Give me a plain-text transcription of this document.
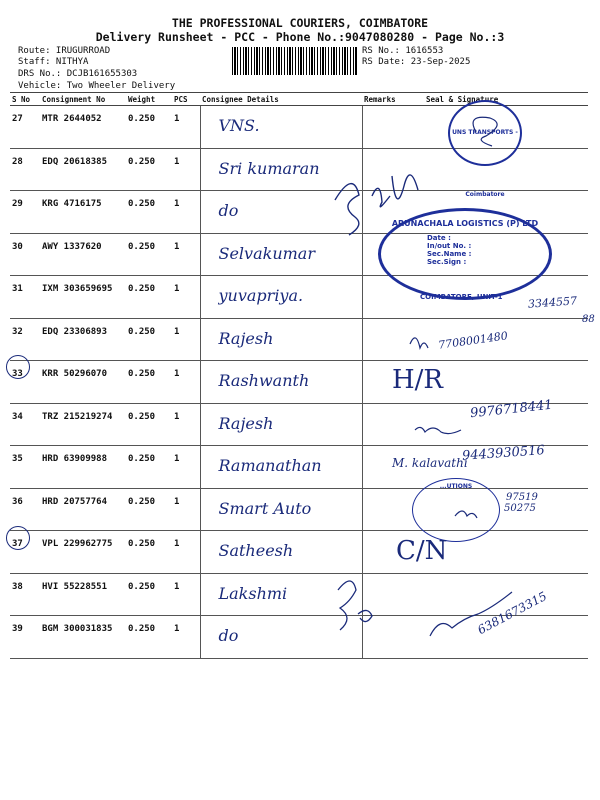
THE PROFESSIONAL COURIERS, COIMBATORE
Delivery Runsheet - PCC - Phone No.:9047080280 - Page No.:3
Route: IRUGURROAD
Staff: NITHYA
DRS No.: DCJB161655303
Vehicle: Two Wheeler Delivery
RS No.: 1616553
RS Date: 23-Sep-2025
S No	Consignment No	Weight	PCS	Consignee Details	Remarks	Seal & Signature

27	MTR 2644052	0.250	1	VNS.		

28	EDQ 20618385	0.250	1	Sri kumaran		

29	KRG 4716175	0.250	1	do		

30	AWY 1337620	0.250	1	Selvakumar		

31	IXM 303659695	0.250	1	yuvapriya.		

32	EDQ 23306893	0.250	1	Rajesh		

33	KRR 50296070	0.250	1	Rashwanth		

34	TRZ 215219274	0.250	1	Rajesh		

35	HRD 63909988	0.250	1	Ramanathan		

36	HRD 20757764	0.250	1	Smart Auto		

37	VPL 229962775	0.250	1	Satheesh		

38	HVI 55228551	0.250	1	Lakshmi		

39	BGM 300031835	0.250	1	do		

UNS TRANSPORTS - Coimbatore
ARUNACHALA LOGISTICS (P) LTD
Date :
In/out No. :
Sec.Name :
Sec.Sign :
COIMBATORE, UNIT-1
...UTIONS
H/R
C/N
9976718441
9443930516
7708001480
6381673315
M. kalavathi
88
3344557
97519
50275
